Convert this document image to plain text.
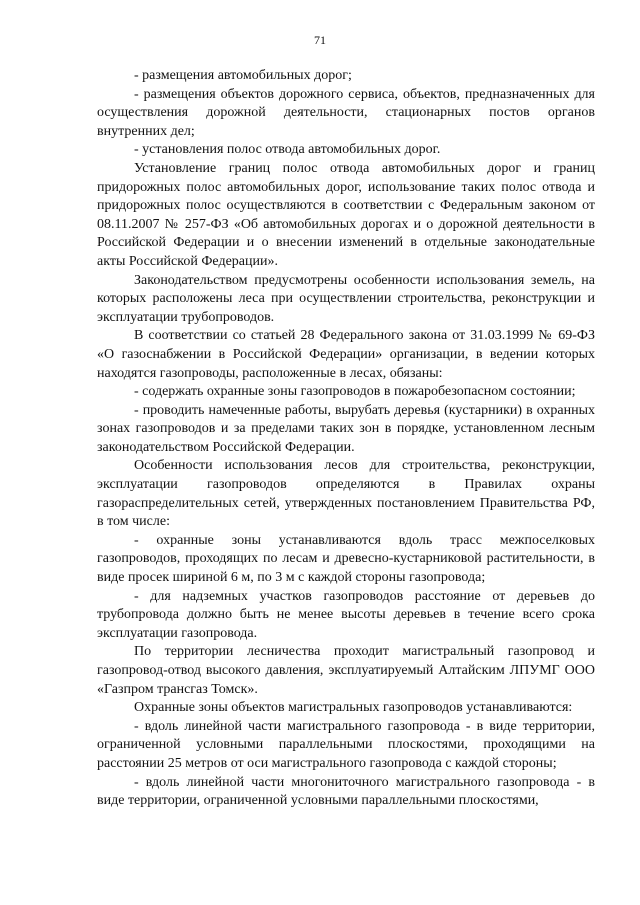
71

- размещения автомобильных дорог;

- размещения объектов дорожного сервиса, объектов, предназначенных для осуществления дорожной деятельности, стационарных постов органов внутренних дел;

- установления полос отвода автомобильных дорог.

Установление границ полос отвода автомобильных дорог и границ придорожных полос автомобильных дорог, использование таких полос отвода и придорожных полос осуществляются в соответствии с Федеральным законом от 08.11.2007 № 257-ФЗ «Об автомобильных дорогах и о дорожной деятельности в Российской Федерации и о внесении изменений в отдельные законодательные акты Российской Федерации».

Законодательством предусмотрены особенности использования земель, на которых расположены леса при осуществлении строительства, реконструкции и эксплуатации трубопроводов.

В соответствии со статьей 28 Федерального закона от 31.03.1999 № 69-ФЗ «О газоснабжении в Российской Федерации» организации, в ведении которых находятся газопроводы, расположенные в лесах, обязаны:

- содержать охранные зоны газопроводов в пожаробезопасном состоянии;

- проводить намеченные работы, вырубать деревья (кустарники) в охранных зонах газопроводов и за пределами таких зон в порядке, установленном лесным законодательством Российской Федерации.

Особенности использования лесов для строительства, реконструкции, эксплуатации газопроводов определяются в Правилах охраны газораспределительных сетей, утвержденных постановлением Правительства РФ, в том числе:

- охранные зоны устанавливаются вдоль трасс межпоселковых газопроводов, проходящих по лесам и древесно-кустарниковой растительности, в виде просек шириной 6 м, по 3 м с каждой стороны газопровода;

- для надземных участков газопроводов расстояние от деревьев до трубопровода должно быть не менее высоты деревьев в течение всего срока эксплуатации газопровода.

По территории лесничества проходит магистральный газопровод и газопровод-отвод высокого давления, эксплуатируемый Алтайским ЛПУМГ ООО «Газпром трансгаз Томск».

Охранные зоны объектов магистральных газопроводов устанавливаются:

- вдоль линейной части магистрального газопровода - в виде территории, ограниченной условными параллельными плоскостями, проходящими на расстоянии 25 метров от оси магистрального газопровода с каждой стороны;

- вдоль линейной части многониточного магистрального газопровода - в виде территории, ограниченной условными параллельными плоскостями,
